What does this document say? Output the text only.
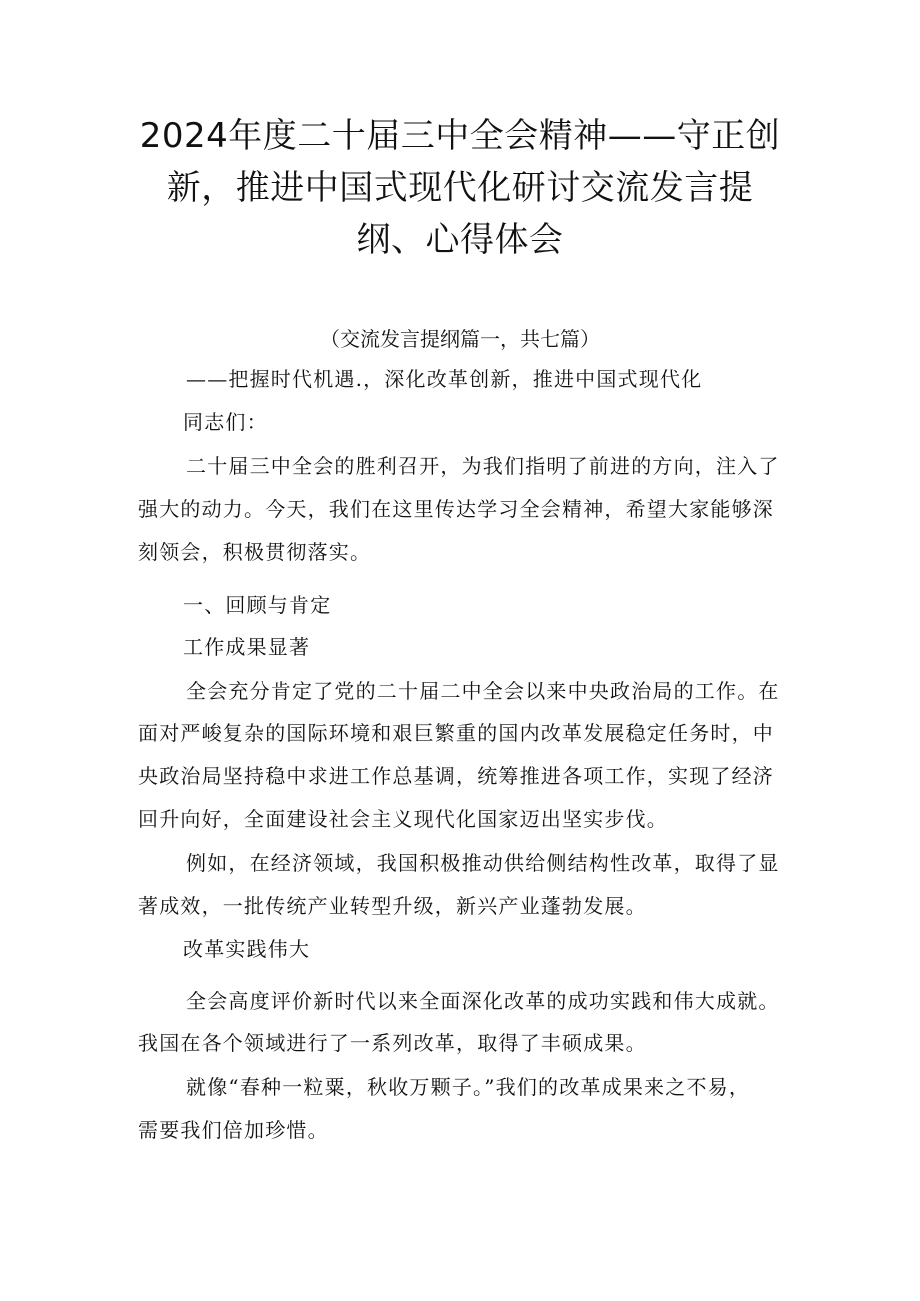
2024年度二十届三中全会精神——守正创
新，推进中国式现代化研讨交流发言提
纲、心得体会
（交流发言提纲篇一，共七篇）
——把握时代机遇.，深化改革创新，推进中国式现代化
同志们：
二十届三中全会的胜利召开，为我们指明了前进的方向，注入了
强大的动力。今天，我们在这里传达学习全会精神，希望大家能够深
刻领会，积极贯彻落实。
一、回顾与肯定
工作成果显著
全会充分肯定了党的二十届二中全会以来中央政治局的工作。在
面对严峻复杂的国际环境和艰巨繁重的国内改革发展稳定任务时，中
央政治局坚持稳中求进工作总基调，统筹推进各项工作，实现了经济
回升向好，全面建设社会主义现代化国家迈出坚实步伐。
例如，在经济领域，我国积极推动供给侧结构性改革，取得了显
著成效，一批传统产业转型升级，新兴产业蓬勃发展。
改革实践伟大
全会高度评价新时代以来全面深化改革的成功实践和伟大成就。
我国在各个领域进行了一系列改革，取得了丰硕成果。
就像“春种一粒粟，秋收万颗子。”我们的改革成果来之不易，
需要我们倍加珍惜。
